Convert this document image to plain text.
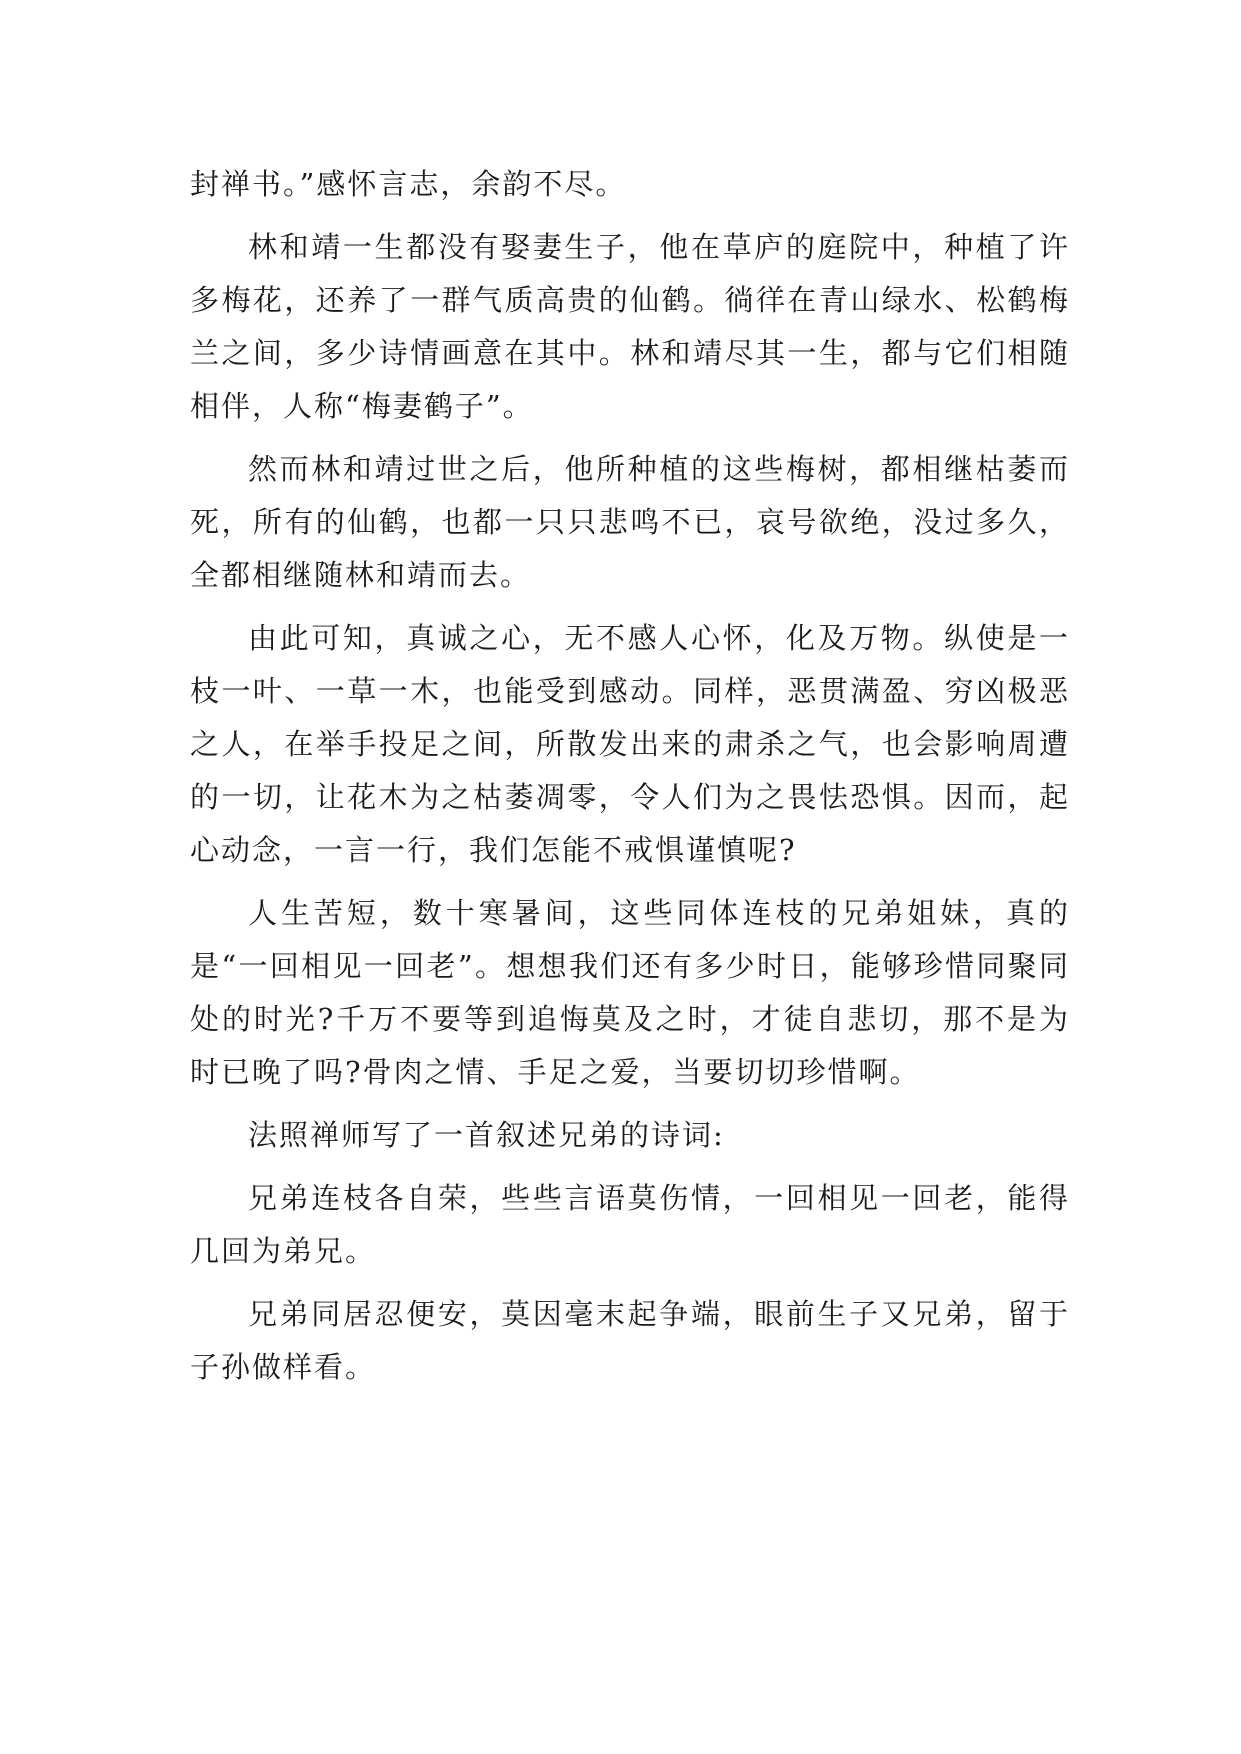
封禅书。”感怀言志，余韵不尽。

林和靖一生都没有娶妻生子，他在草庐的庭院中，种植了许多梅花，还养了一群气质高贵的仙鹤。徜徉在青山绿水、松鹤梅兰之间，多少诗情画意在其中。林和靖尽其一生，都与它们相随相伴，人称“梅妻鹤子”。

然而林和靖过世之后，他所种植的这些梅树，都相继枯萎而死，所有的仙鹤，也都一只只悲鸣不已，哀号欲绝，没过多久，全都相继随林和靖而去。

由此可知，真诚之心，无不感人心怀，化及万物。纵使是一枝一叶、一草一木，也能受到感动。同样，恶贯满盈、穷凶极恶之人，在举手投足之间，所散发出来的肃杀之气，也会影响周遭的一切，让花木为之枯萎凋零，令人们为之畏怯恐惧。因而，起心动念，一言一行，我们怎能不戒惧谨慎呢?

人生苦短，数十寒暑间，这些同体连枝的兄弟姐妹，真的是“一回相见一回老”。想想我们还有多少时日，能够珍惜同聚同处的时光?千万不要等到追悔莫及之时，才徒自悲切，那不是为时已晚了吗?骨肉之情、手足之爱，当要切切珍惜啊。

法照禅师写了一首叙述兄弟的诗词:

兄弟连枝各自荣，些些言语莫伤情，一回相见一回老，能得几回为弟兄。

兄弟同居忍便安，莫因毫末起争端，眼前生子又兄弟，留于子孙做样看。
